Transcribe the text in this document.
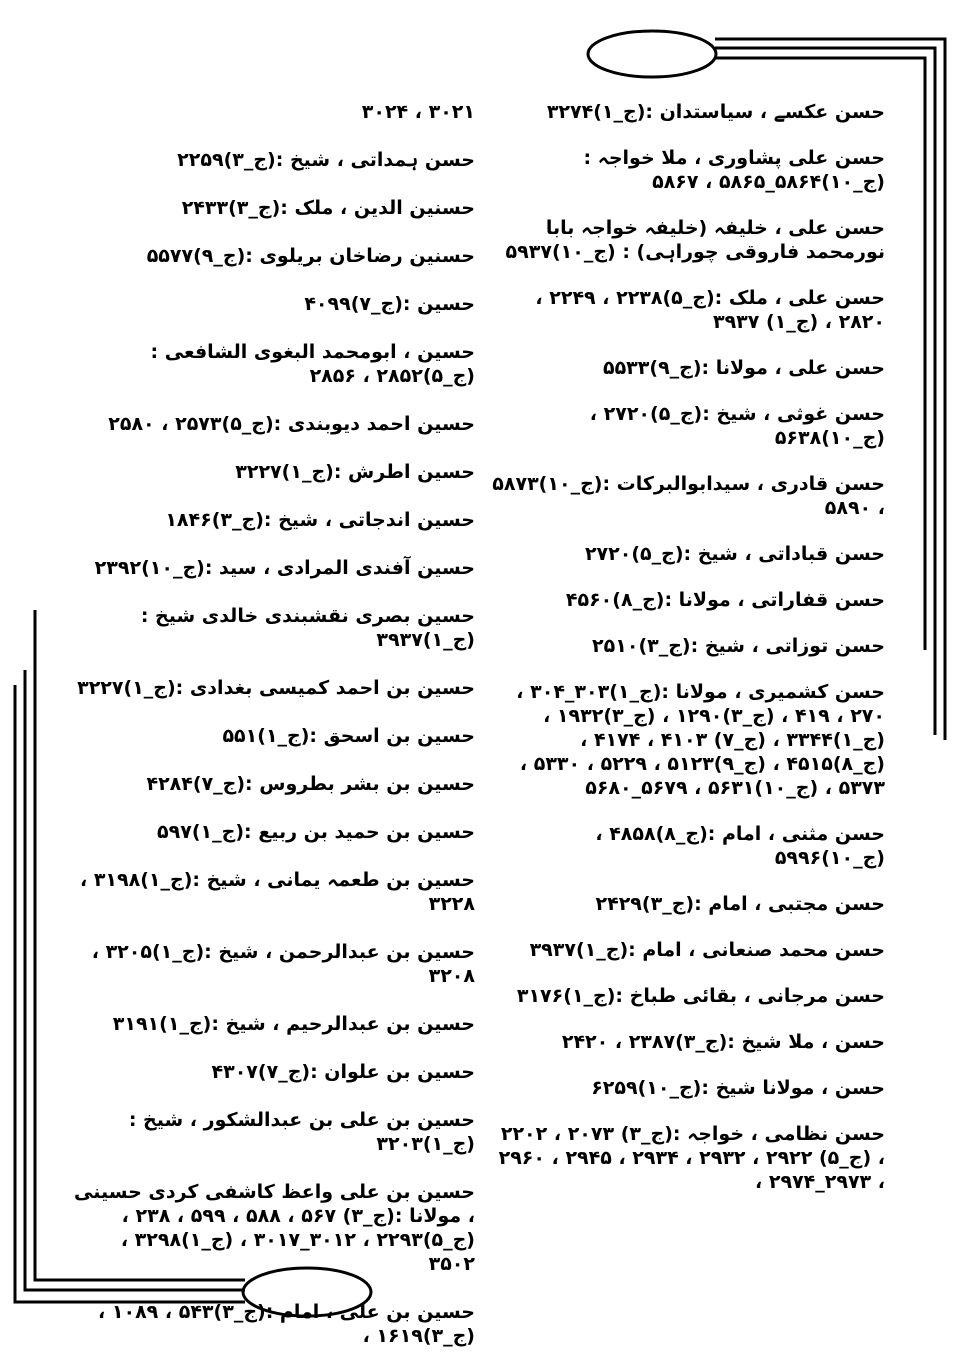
حسن عکسے ، سیاستدان :(ج_۱)۳۲۷۴
حسن علی پشاوری ، ملا خواجہ :(ج_۱۰)۵۸۶۴_۵۸۶۵ ، ۵۸۶۷
حسن علی ، خلیفہ (خلیفہ خواجہ بابا نورمحمد فاروقی چوراہی) : (ج_۱۰)۵۹۳۷
حسن علی ، ملک :(ج_۵)۲۲۳۸ ، ۲۲۴۹ ، ۲۸۲۰ ، (ج_۱) ۳۹۳۷
حسن علی ، مولانا :(ج_۹)۵۵۳۳
حسن غوثی ، شیخ :(ج_۵)۲۷۲۰ ، (ج_۱۰)۵۶۳۸
حسن قادری ، سیدابوالبرکات :(ج_۱۰)۵۸۷۳ ، ۵۸۹۰
حسن قباداتی ، شیخ :(ج_۵)۲۷۲۰
حسن قفاراتی ، مولانا :(ج_۸)۴۵۶۰
حسن توزاتی ، شیخ :(ج_۳)۲۵۱۰
حسن کشمیری ، مولانا :(ج_۱)۳۰۳_۳۰۴ ، ۲۷۰ ، ۴۱۹ ، (ج_۳)۱۲۹۰ ، (ج_۳)۱۹۳۲ ، (ج_۱)۳۳۴۴ ، (ج_۷) ۴۱۰۳ ، ۴۱۷۴ ، (ج_۸)۴۵۱۵ ، (ج_۹)۵۱۲۳ ، ۵۲۲۹ ، ۵۳۳۰ ، ۵۳۷۳ ، (ج_۱۰)۵۶۳۱ ، ۵۶۷۹_۵۶۸۰
حسن مثنی ، امام :(ج_۸)۴۸۵۸ ، (ج_۱۰)۵۹۹۶
حسن مجتبی ، امام :(ج_۳)۲۴۲۹
حسن محمد صنعانی ، امام :(ج_۱)۳۹۳۷
حسن مرجانی ، بقائی طباخ :(ج_۱)۳۱۷۶
حسن ، ملا شیخ :(ج_۳)۲۳۸۷ ، ۲۴۲۰
حسن ، مولانا شیخ :(ج_۱۰)۶۲۵۹
حسن نظامی ، خواجہ :(ج_۳) ۲۰۷۳ ، ۲۲۰۲ ، (ج_۵) ۲۹۲۲ ، ۲۹۳۲ ، ۲۹۳۴ ، ۲۹۴۵ ، ۲۹۶۰ ، ۲۹۷۳_۲۹۷۴ ،
۳۰۲۱ ، ۳۰۲۴
حسن ہمداتی ، شیخ :(ج_۳)۲۲۵۹
حسنین الدین ، ملک :(ج_۳)۲۴۳۳
حسنین رضاخان بریلوی :(ج_۹)۵۵۷۷
حسین :(ج_۷)۴۰۹۹
حسین ، ابومحمد البغوی الشافعی :(ج_۵)۲۸۵۲ ، ۲۸۵۶
حسین احمد دیوبندی :(ج_۵)۲۵۷۳ ، ۲۵۸۰
حسین اطرش :(ج_۱)۳۲۲۷
حسین اندجاتی ، شیخ :(ج_۳)۱۸۴۶
حسین آفندی المرادی ، سید :(ج_۱۰)۲۳۹۲
حسین بصری نقشبندی خالدی شیخ :(ج_۱)۳۹۳۷
حسین بن احمد کمیسی بغدادی :(ج_۱)۳۲۲۷
حسین بن اسحق :(ج_۱)۵۵۱
حسین بن بشر بطروس :(ج_۷)۴۲۸۴
حسین بن حمید بن ربیع :(ج_۱)۵۹۷
حسین بن طعمہ یمانی ، شیخ :(ج_۱)۳۱۹۸ ، ۳۲۲۸
حسین بن عبدالرحمن ، شیخ :(ج_۱)۳۲۰۵ ، ۳۲۰۸
حسین بن عبدالرحیم ، شیخ :(ج_۱)۳۱۹۱
حسین بن علوان :(ج_۷)۴۳۰۷
حسین بن علی بن عبدالشکور ، شیخ :(ج_۱)۳۲۰۳
حسین بن علی واعظ کاشفی کردی حسینی ، مولانا :(ج_۳) ۵۶۷ ، ۵۸۸ ، ۵۹۹ ، ۲۳۸ ، (ج_۵)۲۲۹۳ ، ۳۰۱۲_۳۰۱۷ ، (ج_۱)۳۲۹۸ ، ۳۵۰۲
حسین بن علی ، امام :(ج_۳)۵۴۳ ، ۱۰۸۹ ، (ج_۳)۱۶۱۹ ،
